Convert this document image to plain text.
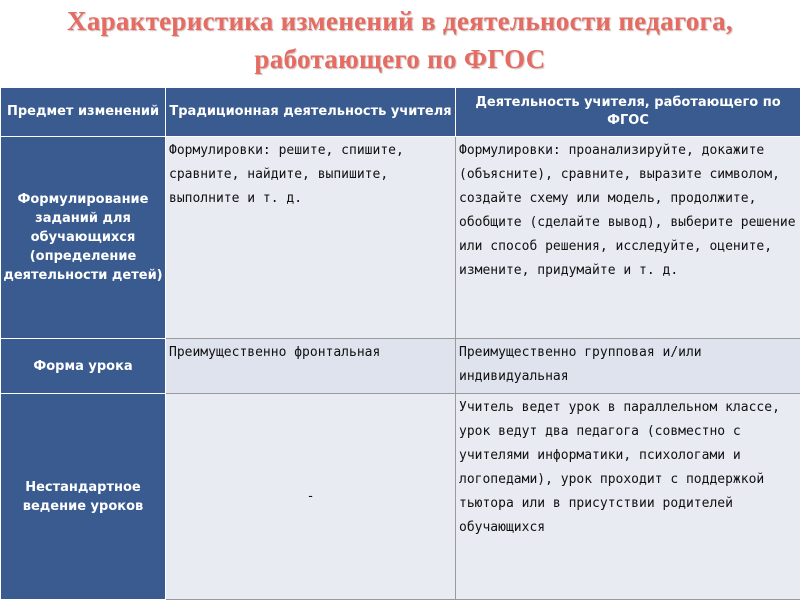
Характеристика изменений в деятельности педагога,
работающего по ФГОС
Предмет изменений	Традиционная деятельность учителя	Деятельность учителя, работающего по ФГОС
Формулирование заданий для обучающихся (определение деятельности детей)	Формулировки: решите, спишите, сравните, найдите, выпишите, выполните и т. д.	Формулировки: проанализируйте, докажите (объясните), сравните, выразите символом, создайте схему или модель, продолжите, обобщите (сделайте вывод), выберите решение или способ решения, исследуйте, оцените, измените, придумайте и т. д.
Форма урока	Преимущественно фронтальная	Преимущественно групповая и/или индивидуальная
Нестандартное ведение уроков	-	Учитель ведет урок в параллельном классе, урок ведут два педагога (совместно с учителями информатики, психологами и логопедами), урок проходит с поддержкой тьютора или в присутствии родителей обучающихся
